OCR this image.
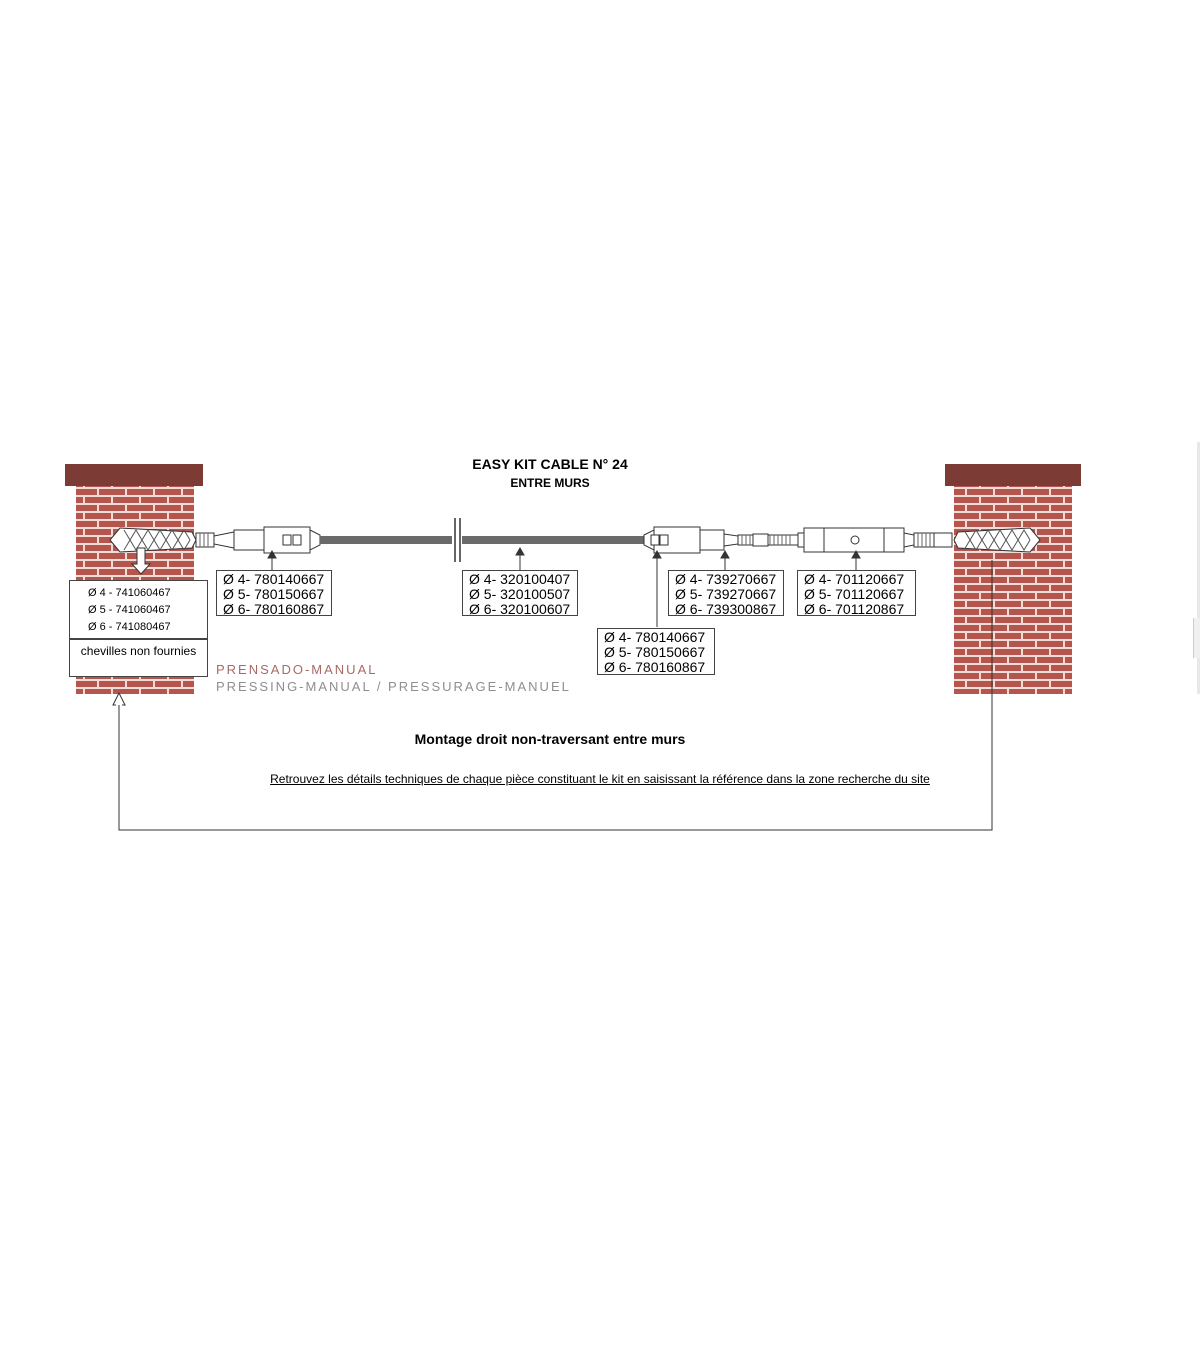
EASY KIT CABLE N° 24
ENTRE MURS
Ø 4 - 741060467
Ø 5 - 741060467
Ø 6 - 741080467
chevilles non fournies
Ø 4- 780140667
Ø 5- 780150667
Ø 6- 780160867
Ø 4- 320100407
Ø 5- 320100507
Ø 6- 320100607
Ø 4- 780140667
Ø 5- 780150667
Ø 6- 780160867
Ø 4- 739270667
Ø 5- 739270667
Ø 6- 739300867
Ø 4- 701120667
Ø 5- 701120667
Ø 6- 701120867
PRENSADO-MANUAL
PRESSING-MANUAL / PRESSURAGE-MANUEL
Montage droit non-traversant entre murs
Retrouvez les détails techniques de chaque pièce constituant le kit en saisissant la référence dans la zone recherche du site
